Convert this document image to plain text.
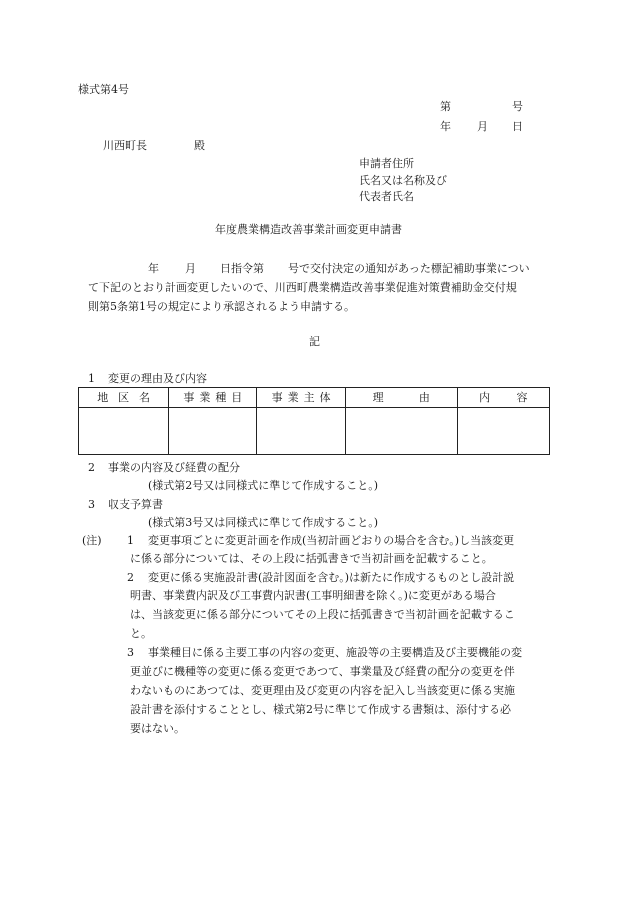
様式第4号
第	号
年 月 日
川西町長	殿
申請者住所
氏名又は名称及び
代表者氏名
年度農業構造改善事業計画変更申請書
年 月 日指令第 号で交付決定の通知があった標記補助事業につい
て下記のとおり計画変更したいので、川西町農業構造改善事業促進対策費補助金交付規
則第5条第1号の規定により承認されるよう申請する。
記
1 変更の理由及び内容
地区名	事業種目	事業主体	理由	内容

2 事業の内容及び経費の配分
(様式第2号又は同様式に準じて作成すること。)
3 収支予算書
(様式第3号又は同様式に準じて作成すること。)
(注) 1 変更事項ごとに変更計画を作成(当初計画どおりの場合を含む。)し当該変更
に係る部分については、その上段に括弧書きで当初計画を記載すること。
2 変更に係る実施設計書(設計図面を含む。)は新たに作成するものとし設計説
明書、事業費内訳及び工事費内訳書(工事明細書を除く。)に変更がある場合
は、当該変更に係る部分についてその上段に括弧書きで当初計画を記載するこ
と。
3 事業種目に係る主要工事の内容の変更、施設等の主要構造及び主要機能の変
更並びに機種等の変更に係る変更であつて、事業量及び経費の配分の変更を伴
わないものにあつては、変更理由及び変更の内容を記入し当該変更に係る実施
設計書を添付することとし、様式第2号に準じて作成する書類は、添付する必
要はない。
